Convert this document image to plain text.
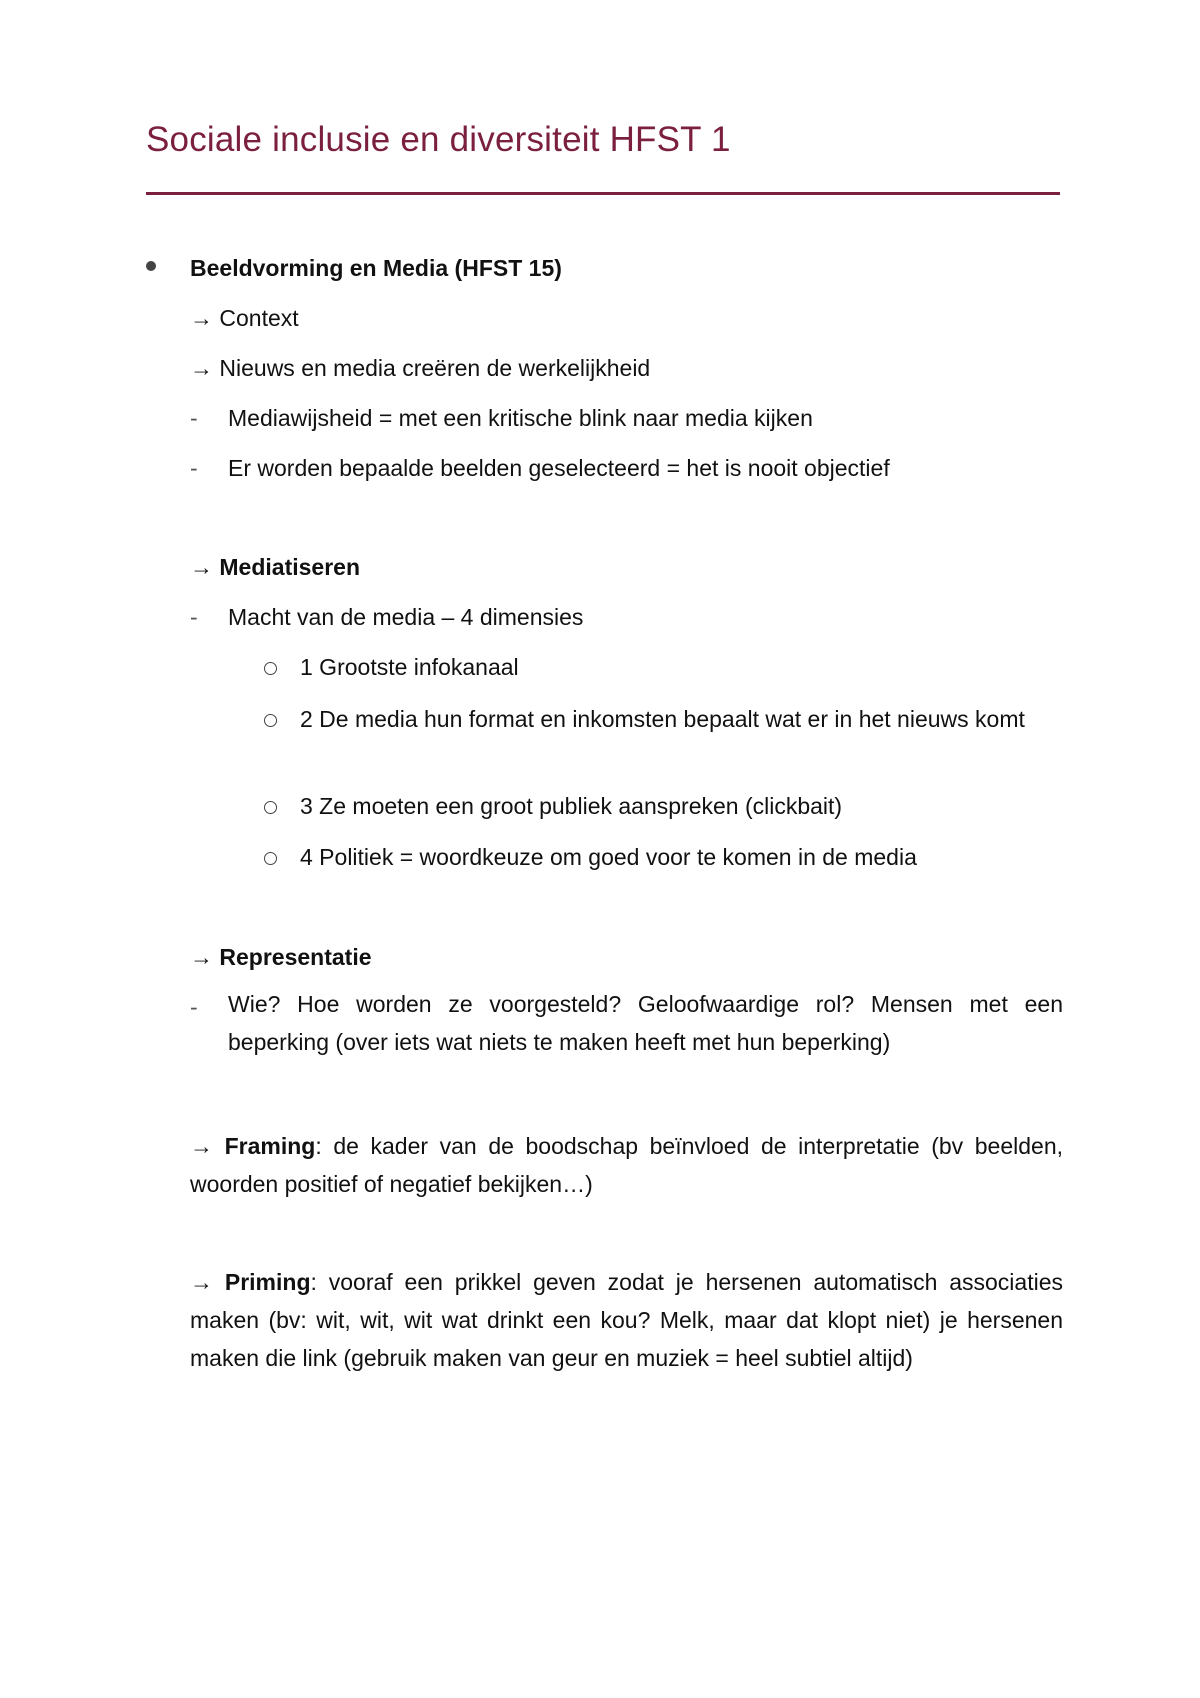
Sociale inclusie en diversiteit HFST 1
Beeldvorming en Media (HFST 15)
→ Context
→ Nieuws en media creëren de werkelijkheid
- Mediawijsheid = met een kritische blink naar media kijken
- Er worden bepaalde beelden geselecteerd = het is nooit objectief
→ Mediatiseren
- Macht van de media – 4 dimensies
1 Grootste infokanaal
2 De media hun format en inkomsten bepaalt wat er in het nieuws komt
3 Ze moeten een groot publiek aanspreken (clickbait)
4 Politiek = woordkeuze om goed voor te komen in de media
→ Representatie
- Wie? Hoe worden ze voorgesteld? Geloofwaardige rol? Mensen met een beperking (over iets wat niets te maken heeft met hun beperking)
→ Framing: de kader van de boodschap beïnvloed de interpretatie (bv beelden, woorden positief of negatief bekijken…)
→ Priming: vooraf een prikkel geven zodat je hersenen automatisch associaties maken (bv: wit, wit, wit wat drinkt een kou? Melk, maar dat klopt niet) je hersenen maken die link (gebruik maken van geur en muziek = heel subtiel altijd)
